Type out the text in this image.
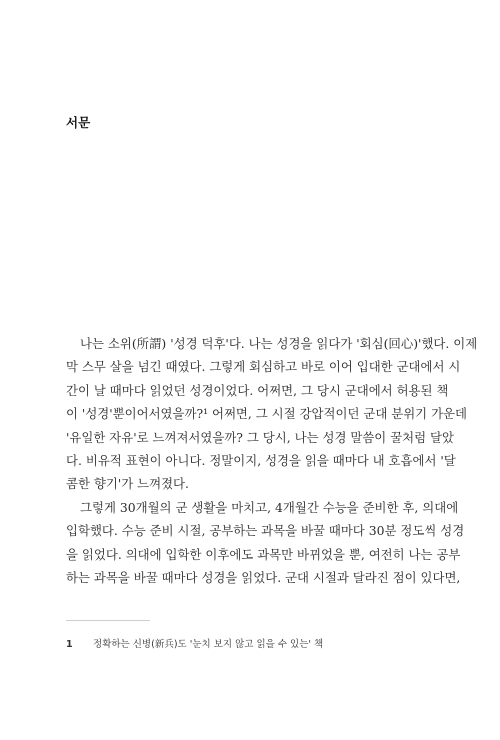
서문
나는 소위(所謂) '성경 덕후'다. 나는 성경을 읽다가 '회심(回心)'했다. 이제
막 스무 살을 넘긴 때였다. 그렇게 회심하고 바로 이어 입대한 군대에서 시
간이 날 때마다 읽었던 성경이었다. 어쩌면, 그 당시 군대에서 허용된 책
이 '성경'뿐이어서였을까?¹ 어쩌면, 그 시절 강압적이던 군대 분위기 가운데
'유일한 자유'로 느껴져서였을까? 그 당시, 나는 성경 말씀이 꿀처럼 달았
다. 비유적 표현이 아니다. 정말이지, 성경을 읽을 때마다 내 호흡에서 '달
콤한 향기'가 느껴졌다.
그렇게 30개월의 군 생활을 마치고, 4개월간 수능을 준비한 후, 의대에
입학했다. 수능 준비 시절, 공부하는 과목을 바꿀 때마다 30분 정도씩 성경
을 읽었다. 의대에 입학한 이후에도 과목만 바뀌었을 뿐, 여전히 나는 공부
하는 과목을 바꿀 때마다 성경을 읽었다. 군대 시절과 달라진 점이 있다면,
1 정확하는 신병(新兵)도 '눈치 보지 않고 읽을 수 있는' 책
